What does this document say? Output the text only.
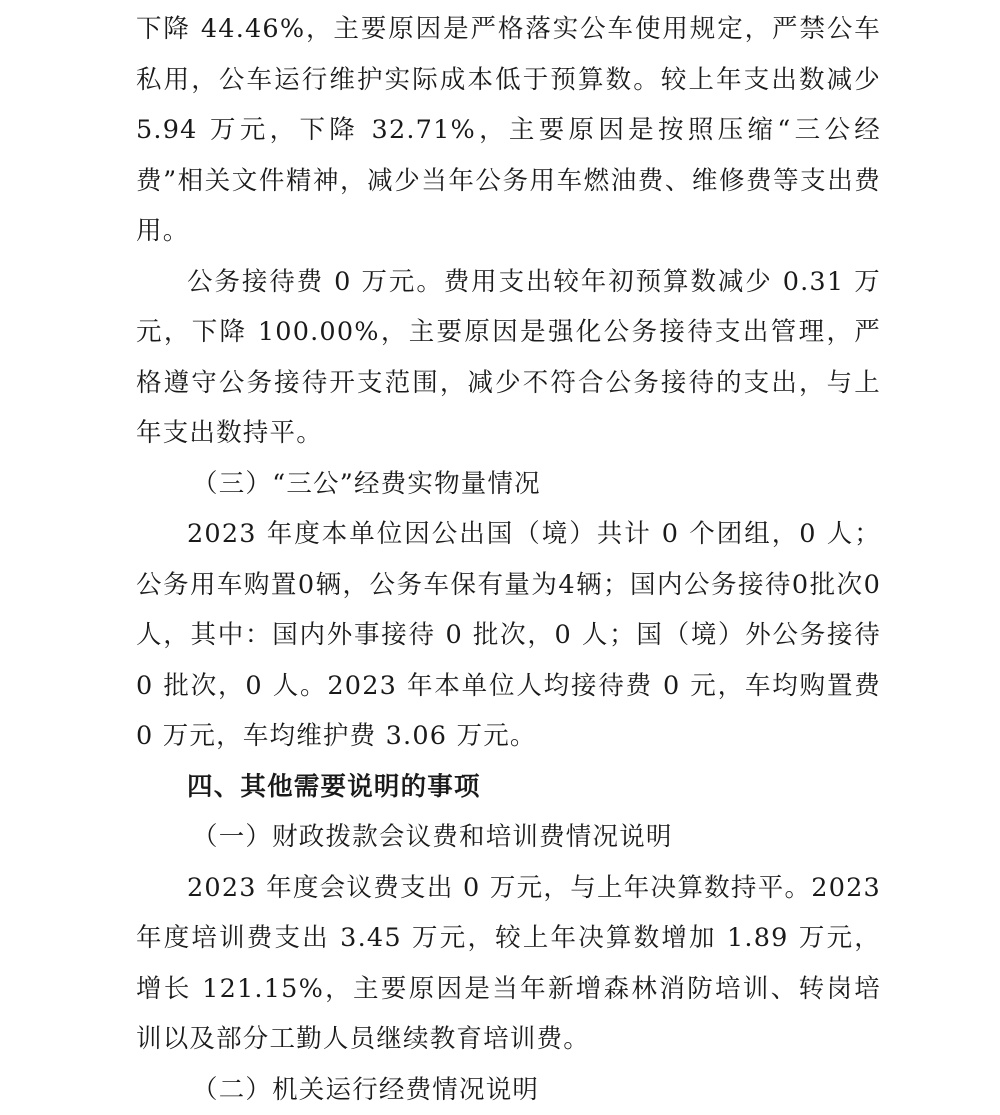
下降 44.46%，主要原因是严格落实公车使用规定，严禁公车私用，公车运行维护实际成本低于预算数。较上年支出数减少 5.94 万元，下降 32.71%，主要原因是按照压缩“三公经费”相关文件精神，减少当年公务用车燃油费、维修费等支出费用。

公务接待费 0 万元。费用支出较年初预算数减少 0.31 万元，下降 100.00%，主要原因是强化公务接待支出管理，严格遵守公务接待开支范围，减少不符合公务接待的支出，与上年支出数持平。

（三）“三公”经费实物量情况

2023 年度本单位因公出国（境）共计 0 个团组，0 人；公务用车购置0辆，公务车保有量为4辆；国内公务接待0批次0人，其中：国内外事接待 0 批次，0 人；国（境）外公务接待 0 批次，0 人。2023 年本单位人均接待费 0 元，车均购置费 0 万元，车均维护费 3.06 万元。

四、其他需要说明的事项

（一）财政拨款会议费和培训费情况说明

2023 年度会议费支出 0 万元，与上年决算数持平。2023 年度培训费支出 3.45 万元，较上年决算数增加 1.89 万元，增长 121.15%，主要原因是当年新增森林消防培训、转岗培训以及部分工勤人员继续教育培训费。

（二）机关运行经费情况说明
